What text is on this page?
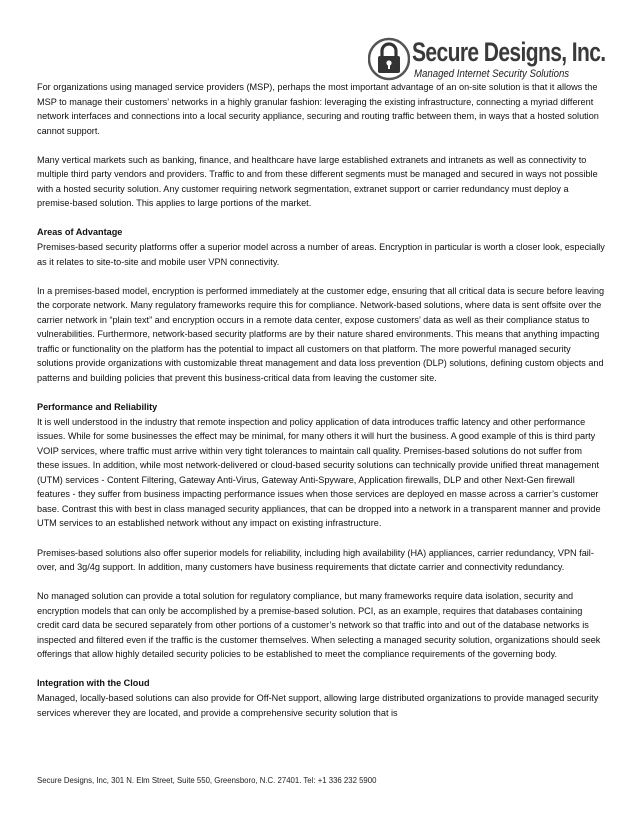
Secure Designs, Inc.
Managed Internet Security Solutions

For organizations using managed service providers (MSP), perhaps the most important advantage of an on-site solution is that it allows the MSP to manage their customers’ networks in a highly granular fashion: leveraging the existing infrastructure, connecting a myriad different network interfaces and connections into a local security appliance, securing and routing traffic between them, in ways that a hosted solution cannot support.

Many vertical markets such as banking, finance, and healthcare have large established extranets and intranets as well as connectivity to multiple third party vendors and providers. Traffic to and from these different segments must be managed and secured in ways not possible with a hosted security solution. Any customer requiring network segmentation, extranet support or carrier redundancy must deploy a premise-based solution. This applies to large portions of the market.

Areas of Advantage

Premises-based security platforms offer a superior model across a number of areas. Encryption in particular is worth a closer look, especially as it relates to site-to-site and mobile user VPN connectivity.

In a premises-based model, encryption is performed immediately at the customer edge, ensuring that all critical data is secure before leaving the corporate network. Many regulatory frameworks require this for compliance. Network-based solutions, where data is sent offsite over the carrier network in “plain text” and encryption occurs in a remote data center, expose customers’ data as well as their compliance status to vulnerabilities. Furthermore, network-based security platforms are by their nature shared environments. This means that anything impacting traffic or functionality on the platform has the potential to impact all customers on that platform. The more powerful managed security solutions provide organizations with customizable threat management and data loss prevention (DLP) solutions, defining custom objects and patterns and building policies that prevent this business-critical data from leaving the customer site.

Performance and Reliability

It is well understood in the industry that remote inspection and policy application of data introduces traffic latency and other performance issues. While for some businesses the effect may be minimal, for many others it will hurt the business. A good example of this is third party VOIP services, where traffic must arrive within very tight tolerances to maintain call quality. Premises-based solutions do not suffer from these issues. In addition, while most network-delivered or cloud-based security solutions can technically provide unified threat management (UTM) services - Content Filtering, Gateway Anti-Virus, Gateway Anti-Spyware, Application firewalls, DLP and other Next-Gen firewall features - they suffer from business impacting performance issues when those services are deployed en masse across a carrier’s customer base. Contrast this with best in class managed security appliances, that can be dropped into a network in a transparent manner and provide UTM services to an established network without any impact on existing infrastructure.

Premises-based solutions also offer superior models for reliability, including high availability (HA) appliances, carrier redundancy, VPN fail-over, and 3g/4g support. In addition, many customers have business requirements that dictate carrier and connectivity redundancy.

No managed solution can provide a total solution for regulatory compliance, but many frameworks require data isolation, security and encryption models that can only be accomplished by a premise-based solution. PCI, as an example, requires that databases containing credit card data be secured separately from other portions of a customer’s network so that traffic into and out of the database networks is inspected and filtered even if the traffic is the customer themselves. When selecting a managed security solution, organizations should seek offerings that allow highly detailed security policies to be established to meet the compliance requirements of the governing body.

Integration with the Cloud

Managed, locally-based solutions can also provide for Off-Net support, allowing large distributed organizations to provide managed security services wherever they are located, and provide a comprehensive security solution that is

Secure Designs, Inc, 301 N. Elm Street, Suite 550, Greensboro, N.C. 27401. Tel: +1 336 232 5900
